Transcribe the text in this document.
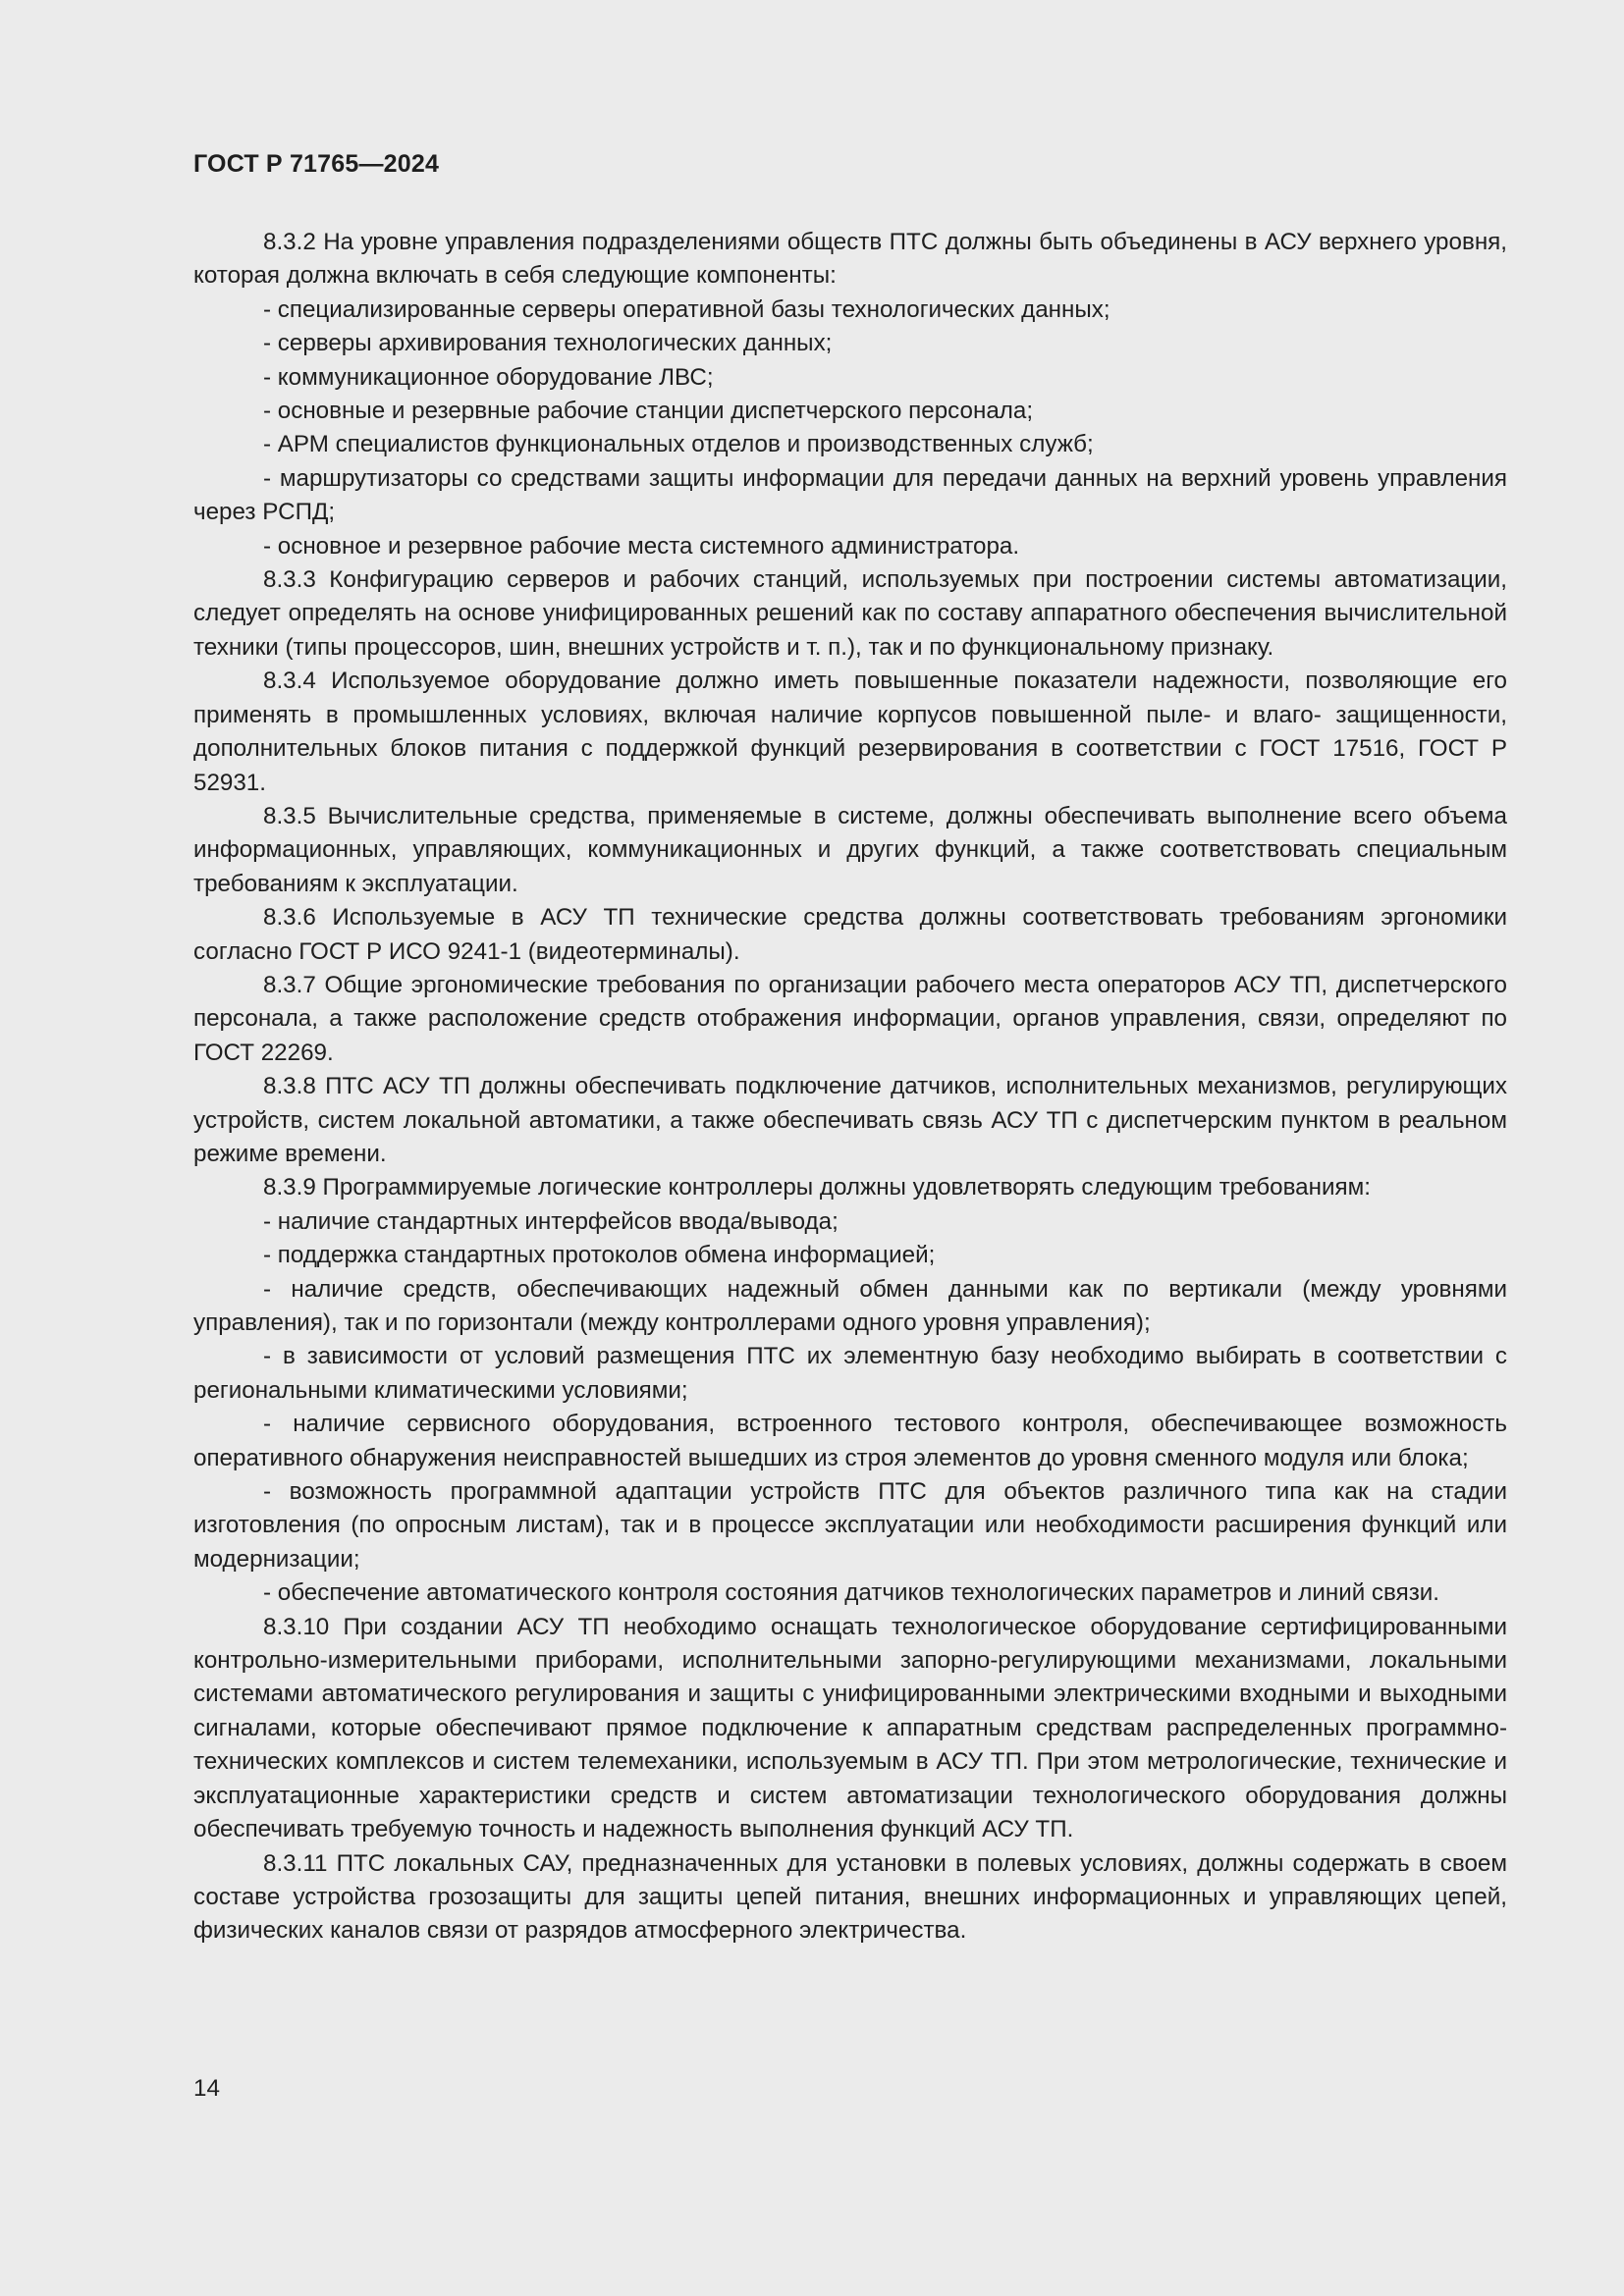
ГОСТ Р 71765—2024

8.3.2 На уровне управления подразделениями обществ ПТС должны быть объединены в АСУ верхнего уровня, которая должна включать в себя следующие компоненты:

- специализированные серверы оперативной базы технологических данных;

- серверы архивирования технологических данных;

- коммуникационное оборудование ЛВС;

- основные и резервные рабочие станции диспетчерского персонала;

- АРМ специалистов функциональных отделов и производственных служб;

- маршрутизаторы со средствами защиты информации для передачи данных на верхний уровень управления через РСПД;

- основное и резервное рабочие места системного администратора.

8.3.3 Конфигурацию серверов и рабочих станций, используемых при построении системы автоматизации, следует определять на основе унифицированных решений как по составу аппаратного обеспечения вычислительной техники (типы процессоров, шин, внешних устройств и т. п.), так и по функциональному признаку.

8.3.4 Используемое оборудование должно иметь повышенные показатели надежности, позволяющие его применять в промышленных условиях, включая наличие корпусов повышенной пыле- и влаго- защищенности, дополнительных блоков питания с поддержкой функций резервирования в соответствии с ГОСТ 17516, ГОСТ Р 52931.

8.3.5 Вычислительные средства, применяемые в системе, должны обеспечивать выполнение всего объема информационных, управляющих, коммуникационных и других функций, а также соответствовать специальным требованиям к эксплуатации.

8.3.6 Используемые в АСУ ТП технические средства должны соответствовать требованиям эргономики согласно ГОСТ Р ИСО 9241-1 (видеотерминалы).

8.3.7 Общие эргономические требования по организации рабочего места операторов АСУ ТП, диспетчерского персонала, а также расположение средств отображения информации, органов управления, связи, определяют по ГОСТ 22269.

8.3.8 ПТС АСУ ТП должны обеспечивать подключение датчиков, исполнительных механизмов, регулирующих устройств, систем локальной автоматики, а также обеспечивать связь АСУ ТП с диспетчерским пунктом в реальном режиме времени.

8.3.9 Программируемые логические контроллеры должны удовлетворять следующим требованиям:

- наличие стандартных интерфейсов ввода/вывода;

- поддержка стандартных протоколов обмена информацией;

- наличие средств, обеспечивающих надежный обмен данными как по вертикали (между уровнями управления), так и по горизонтали (между контроллерами одного уровня управления);

- в зависимости от условий размещения ПТС их элементную базу необходимо выбирать в соответствии с региональными климатическими условиями;

- наличие сервисного оборудования, встроенного тестового контроля, обеспечивающее возможность оперативного обнаружения неисправностей вышедших из строя элементов до уровня сменного модуля или блока;

- возможность программной адаптации устройств ПТС для объектов различного типа как на стадии изготовления (по опросным листам), так и в процессе эксплуатации или необходимости расширения функций или модернизации;

- обеспечение автоматического контроля состояния датчиков технологических параметров и линий связи.

8.3.10 При создании АСУ ТП необходимо оснащать технологическое оборудование сертифицированными контрольно-измерительными приборами, исполнительными запорно-регулирующими механизмами, локальными системами автоматического регулирования и защиты с унифицированными электрическими входными и выходными сигналами, которые обеспечивают прямое подключение к аппаратным средствам распределенных программно-технических комплексов и систем телемеханики, используемым в АСУ ТП. При этом метрологические, технические и эксплуатационные характеристики средств и систем автоматизации технологического оборудования должны обеспечивать требуемую точность и надежность выполнения функций АСУ ТП.

8.3.11 ПТС локальных САУ, предназначенных для установки в полевых условиях, должны содержать в своем составе устройства грозозащиты для защиты цепей питания, внешних информационных и управляющих цепей, физических каналов связи от разрядов атмосферного электричества.

14
